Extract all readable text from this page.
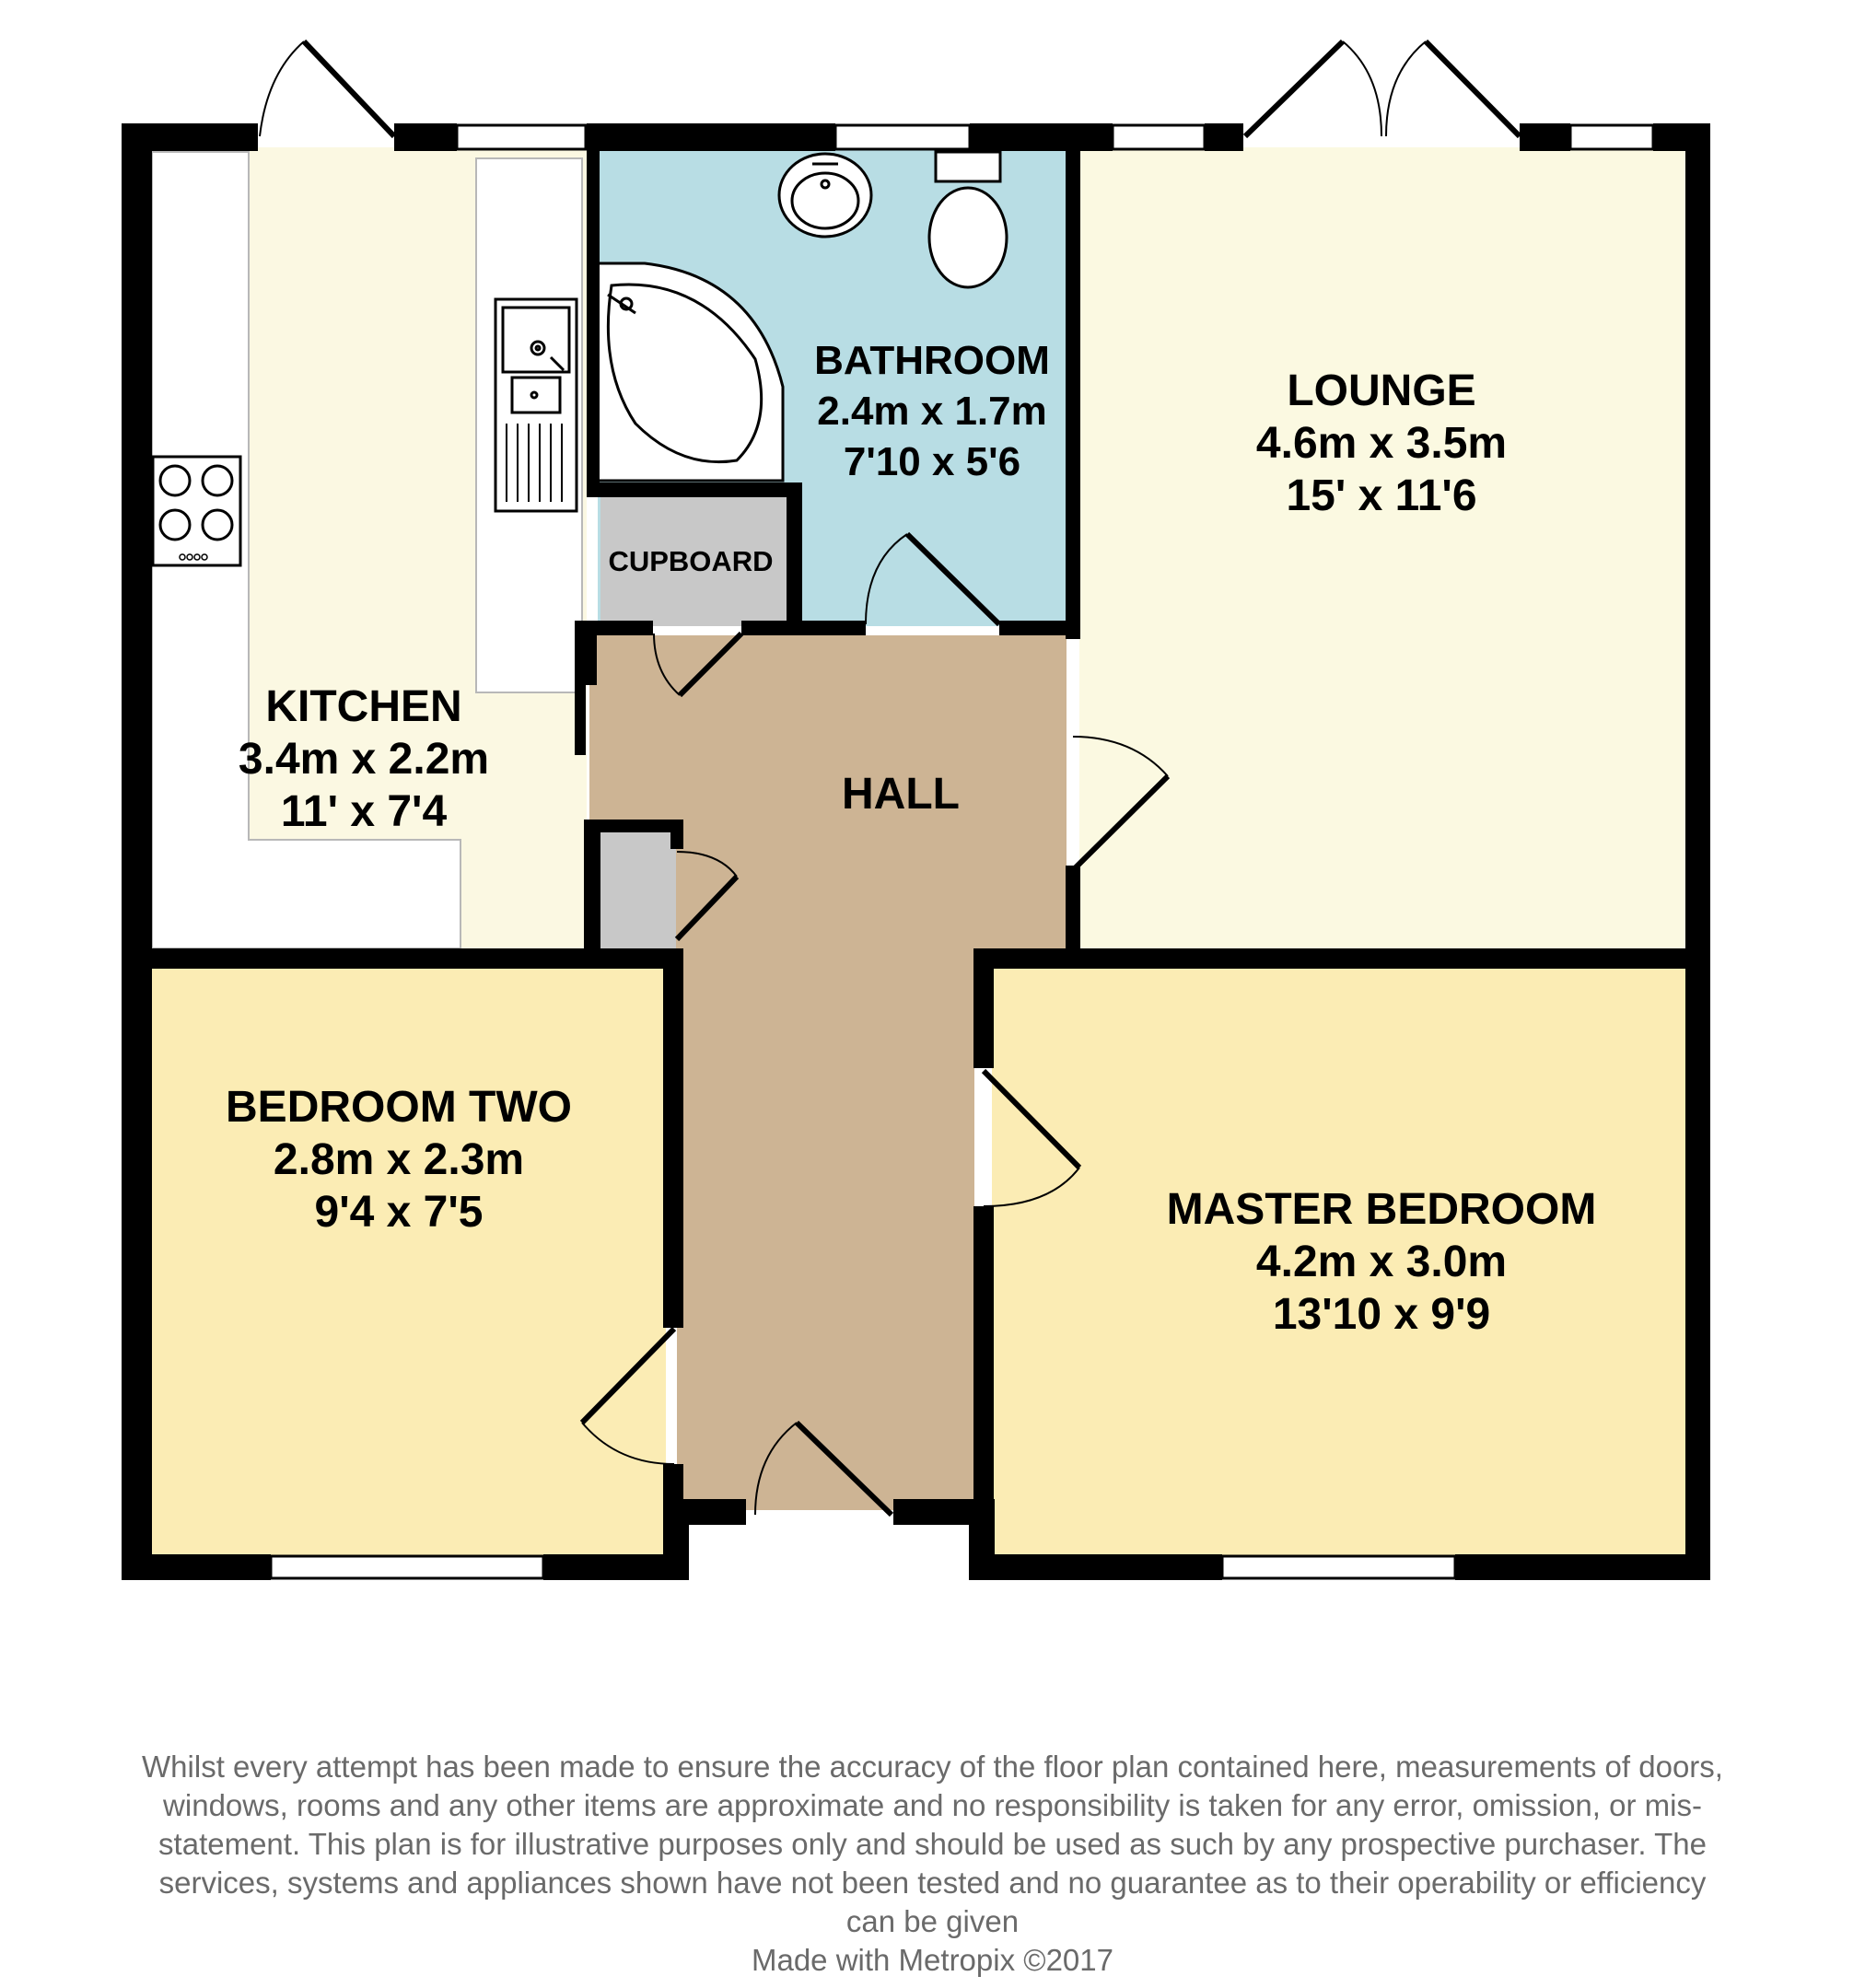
KITCHEN
3.4m x 2.2m
11' x 7'4
BATHROOM
2.4m x 1.7m
7'10 x 5'6
CUPBOARD
LOUNGE
4.6m x 3.5m
15' x 11'6
HALL
BEDROOM TWO
2.8m x 2.3m
9'4 x 7'5	MASTER BEDROOM
4.2m x 3.0m
13'10 x 9'9

Whilst every attempt has been made to ensure the accuracy of the floor plan contained here, measurements of doors, windows, rooms and any other items are approximate and no responsibility is taken for any error, omission, or mis-statement. This plan is for illustrative purposes only and should be used as such by any prospective purchaser. The services, systems and appliances shown have not been tested and no guarantee as to their operability or efficiency can be given

Made with Metropix ©2017
